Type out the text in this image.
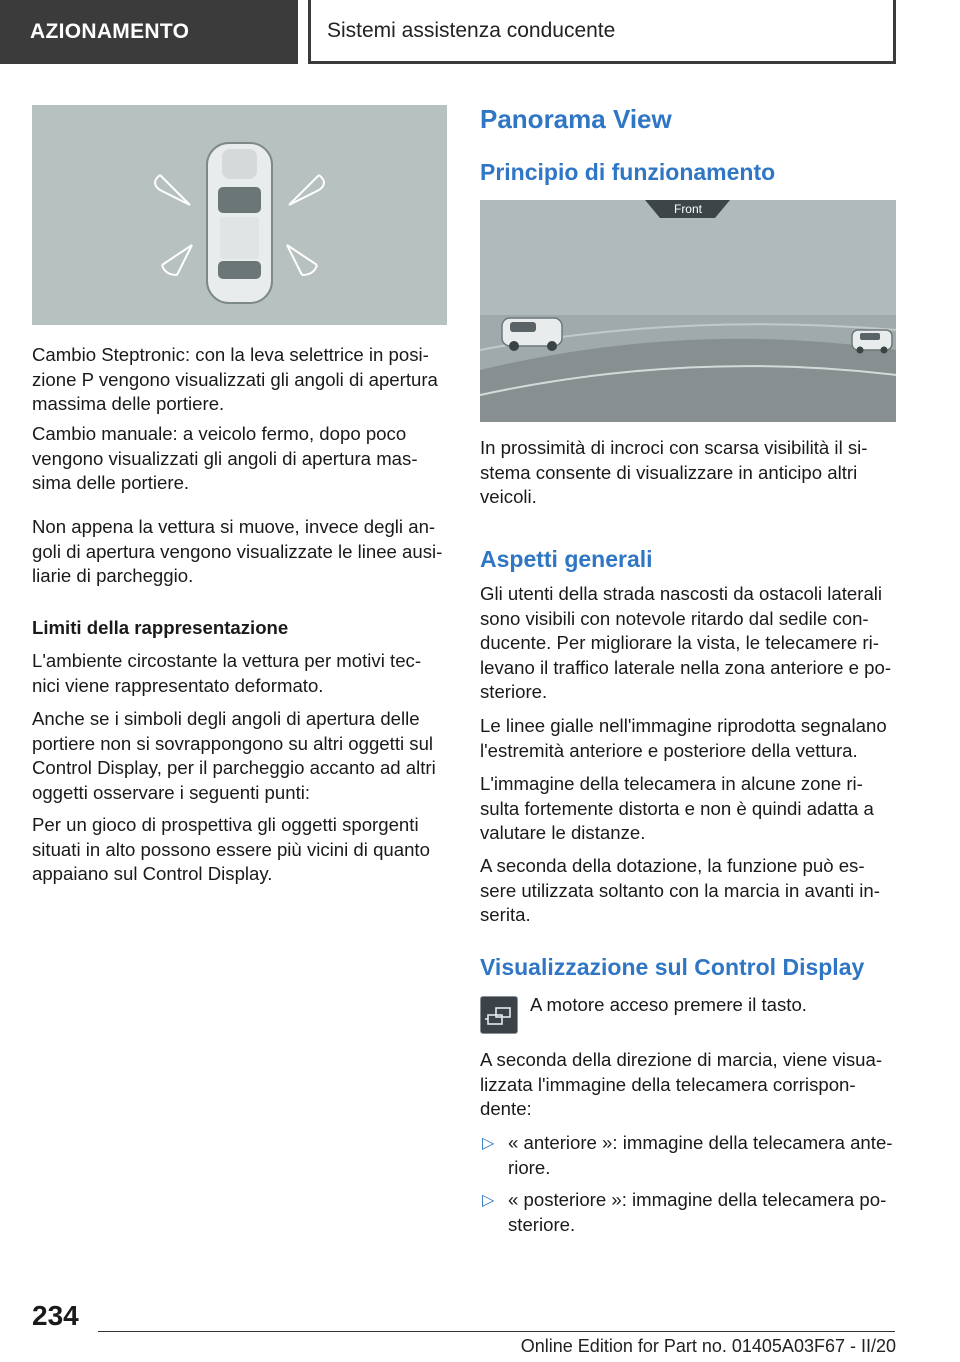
AZIONAMENTO	Sistemi assistenza conducente

Cambio Steptronic: con la leva selettrice in posi- zione P vengono visualizzati gli angoli di apertura massima delle portiere.

Cambio manuale: a veicolo fermo, dopo poco vengono visualizzati gli angoli di apertura mas- sima delle portiere.

Non appena la vettura si muove, invece degli an- goli di apertura vengono visualizzate le linee ausi- liarie di parcheggio.

Limiti della rappresentazione

L'ambiente circostante la vettura per motivi tec- nici viene rappresentato deformato.

Anche se i simboli degli angoli di apertura delle portiere non si sovrappongono su altri oggetti sul Control Display, per il parcheggio accanto ad altri oggetti osservare i seguenti punti:

Per un gioco di prospettiva gli oggetti sporgenti situati in alto possono essere più vicini di quanto appaiano sul Control Display.

Panorama View
Principio di funzionamento
Front

In prossimità di incroci con scarsa visibilità il si- stema consente di visualizzare in anticipo altri veicoli.

Aspetti generali

Gli utenti della strada nascosti da ostacoli laterali sono visibili con notevole ritardo dal sedile con- ducente. Per migliorare la vista, le telecamere ri- levano il traffico laterale nella zona anteriore e po- steriore.

Le linee gialle nell'immagine riprodotta segnalano l'estremità anteriore e posteriore della vettura.

L'immagine della telecamera in alcune zone ri- sulta fortemente distorta e non è quindi adatta a valutare le distanze.

A seconda della dotazione, la funzione può es- sere utilizzata soltanto con la marcia in avanti in- serita.

Visualizzazione sul Control Display

A motore acceso premere il tasto.

A seconda della direzione di marcia, viene visua- lizzata l'immagine della telecamera corrispon- dente:

▷ « anteriore »: immagine della telecamera ante- riore.

▷ « posteriore »: immagine della telecamera po- steriore.

234
Online Edition for Part no. 01405A03F67 - II/20
